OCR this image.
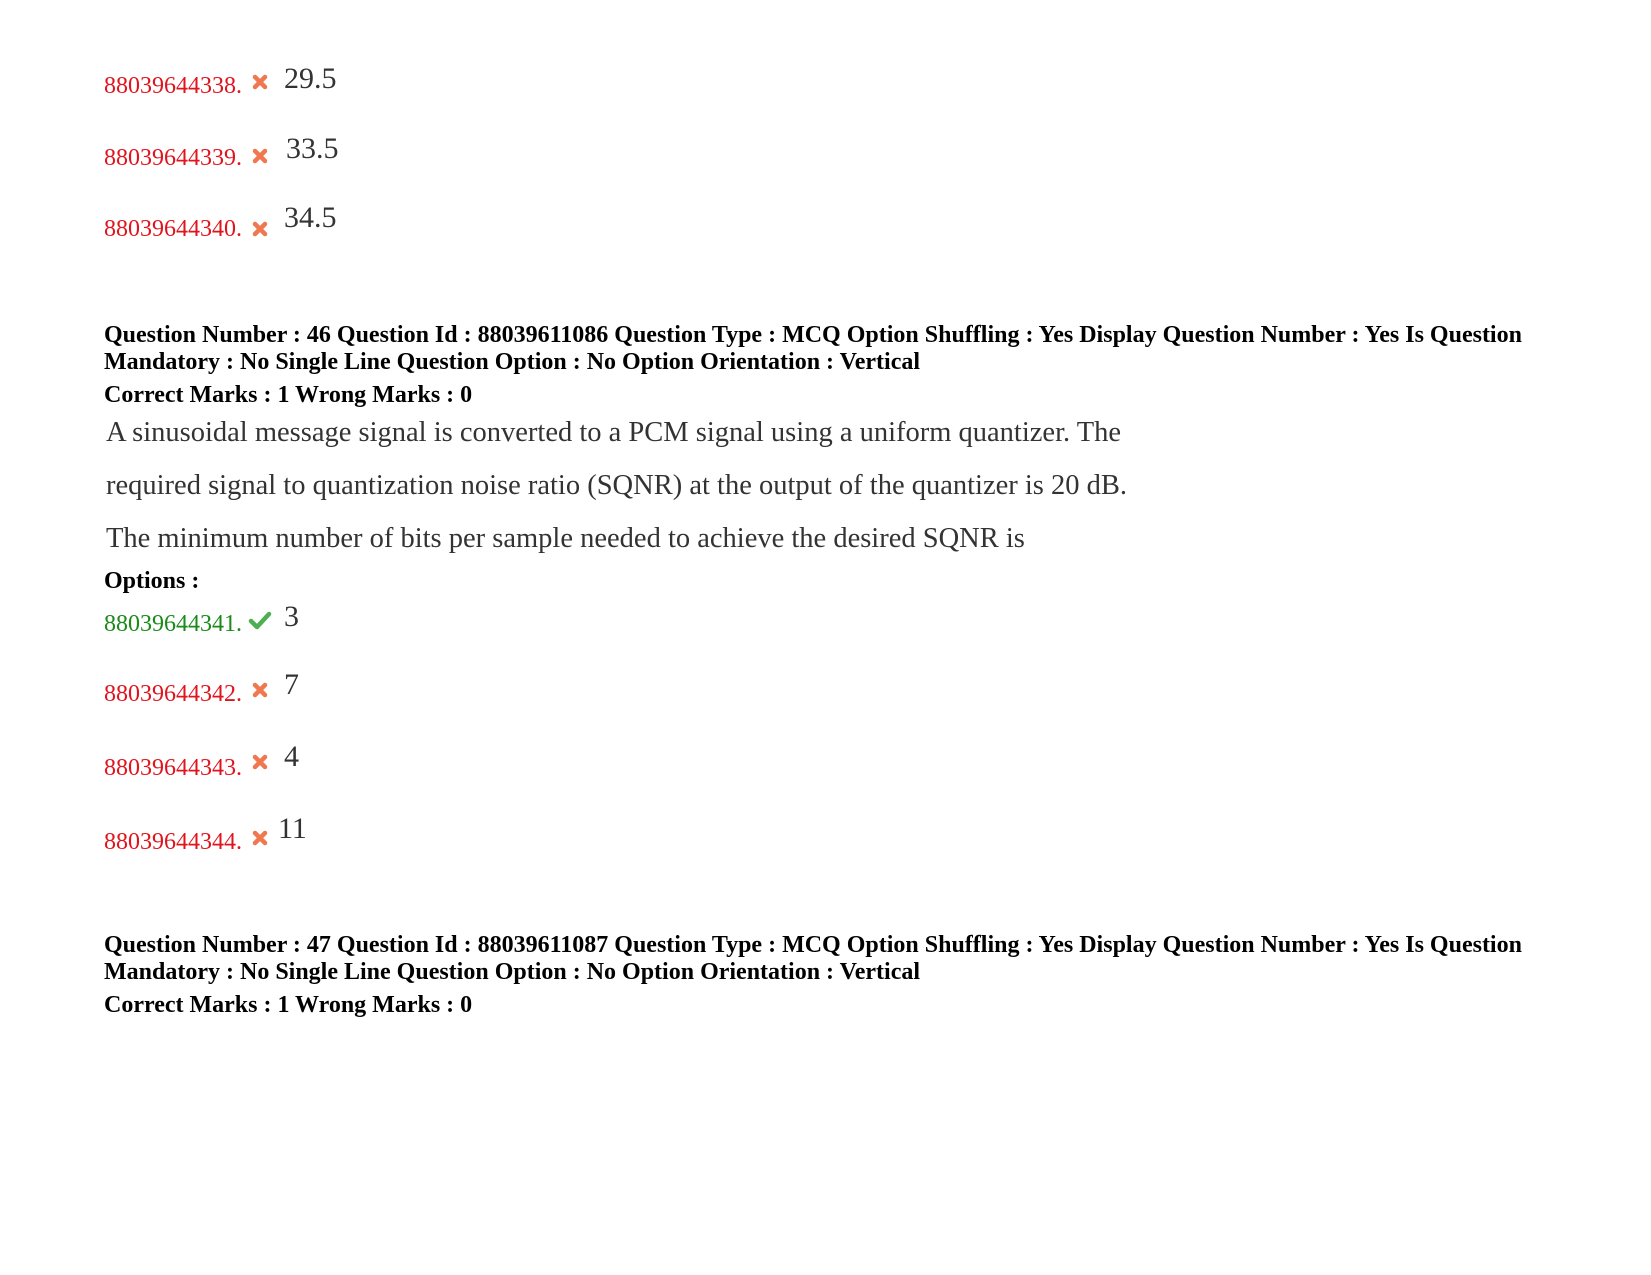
88039644338. 29.5
88039644339. 33.5
88039644340. 34.5
Question Number : 46 Question Id : 88039611086 Question Type : MCQ Option Shuffling : Yes Display Question Number : Yes Is Question Mandatory : No Single Line Question Option : No Option Orientation : Vertical
Correct Marks : 1 Wrong Marks : 0
A sinusoidal message signal is converted to a PCM signal using a uniform quantizer. The
required signal to quantization noise ratio (SQNR) at the output of the quantizer is 20 dB.
The minimum number of bits per sample needed to achieve the desired SQNR is
Options :
88039644341. 3
88039644342. 7
88039644343. 4
88039644344. 11
Question Number : 47 Question Id : 88039611087 Question Type : MCQ Option Shuffling : Yes Display Question Number : Yes Is Question Mandatory : No Single Line Question Option : No Option Orientation : Vertical
Correct Marks : 1 Wrong Marks : 0
